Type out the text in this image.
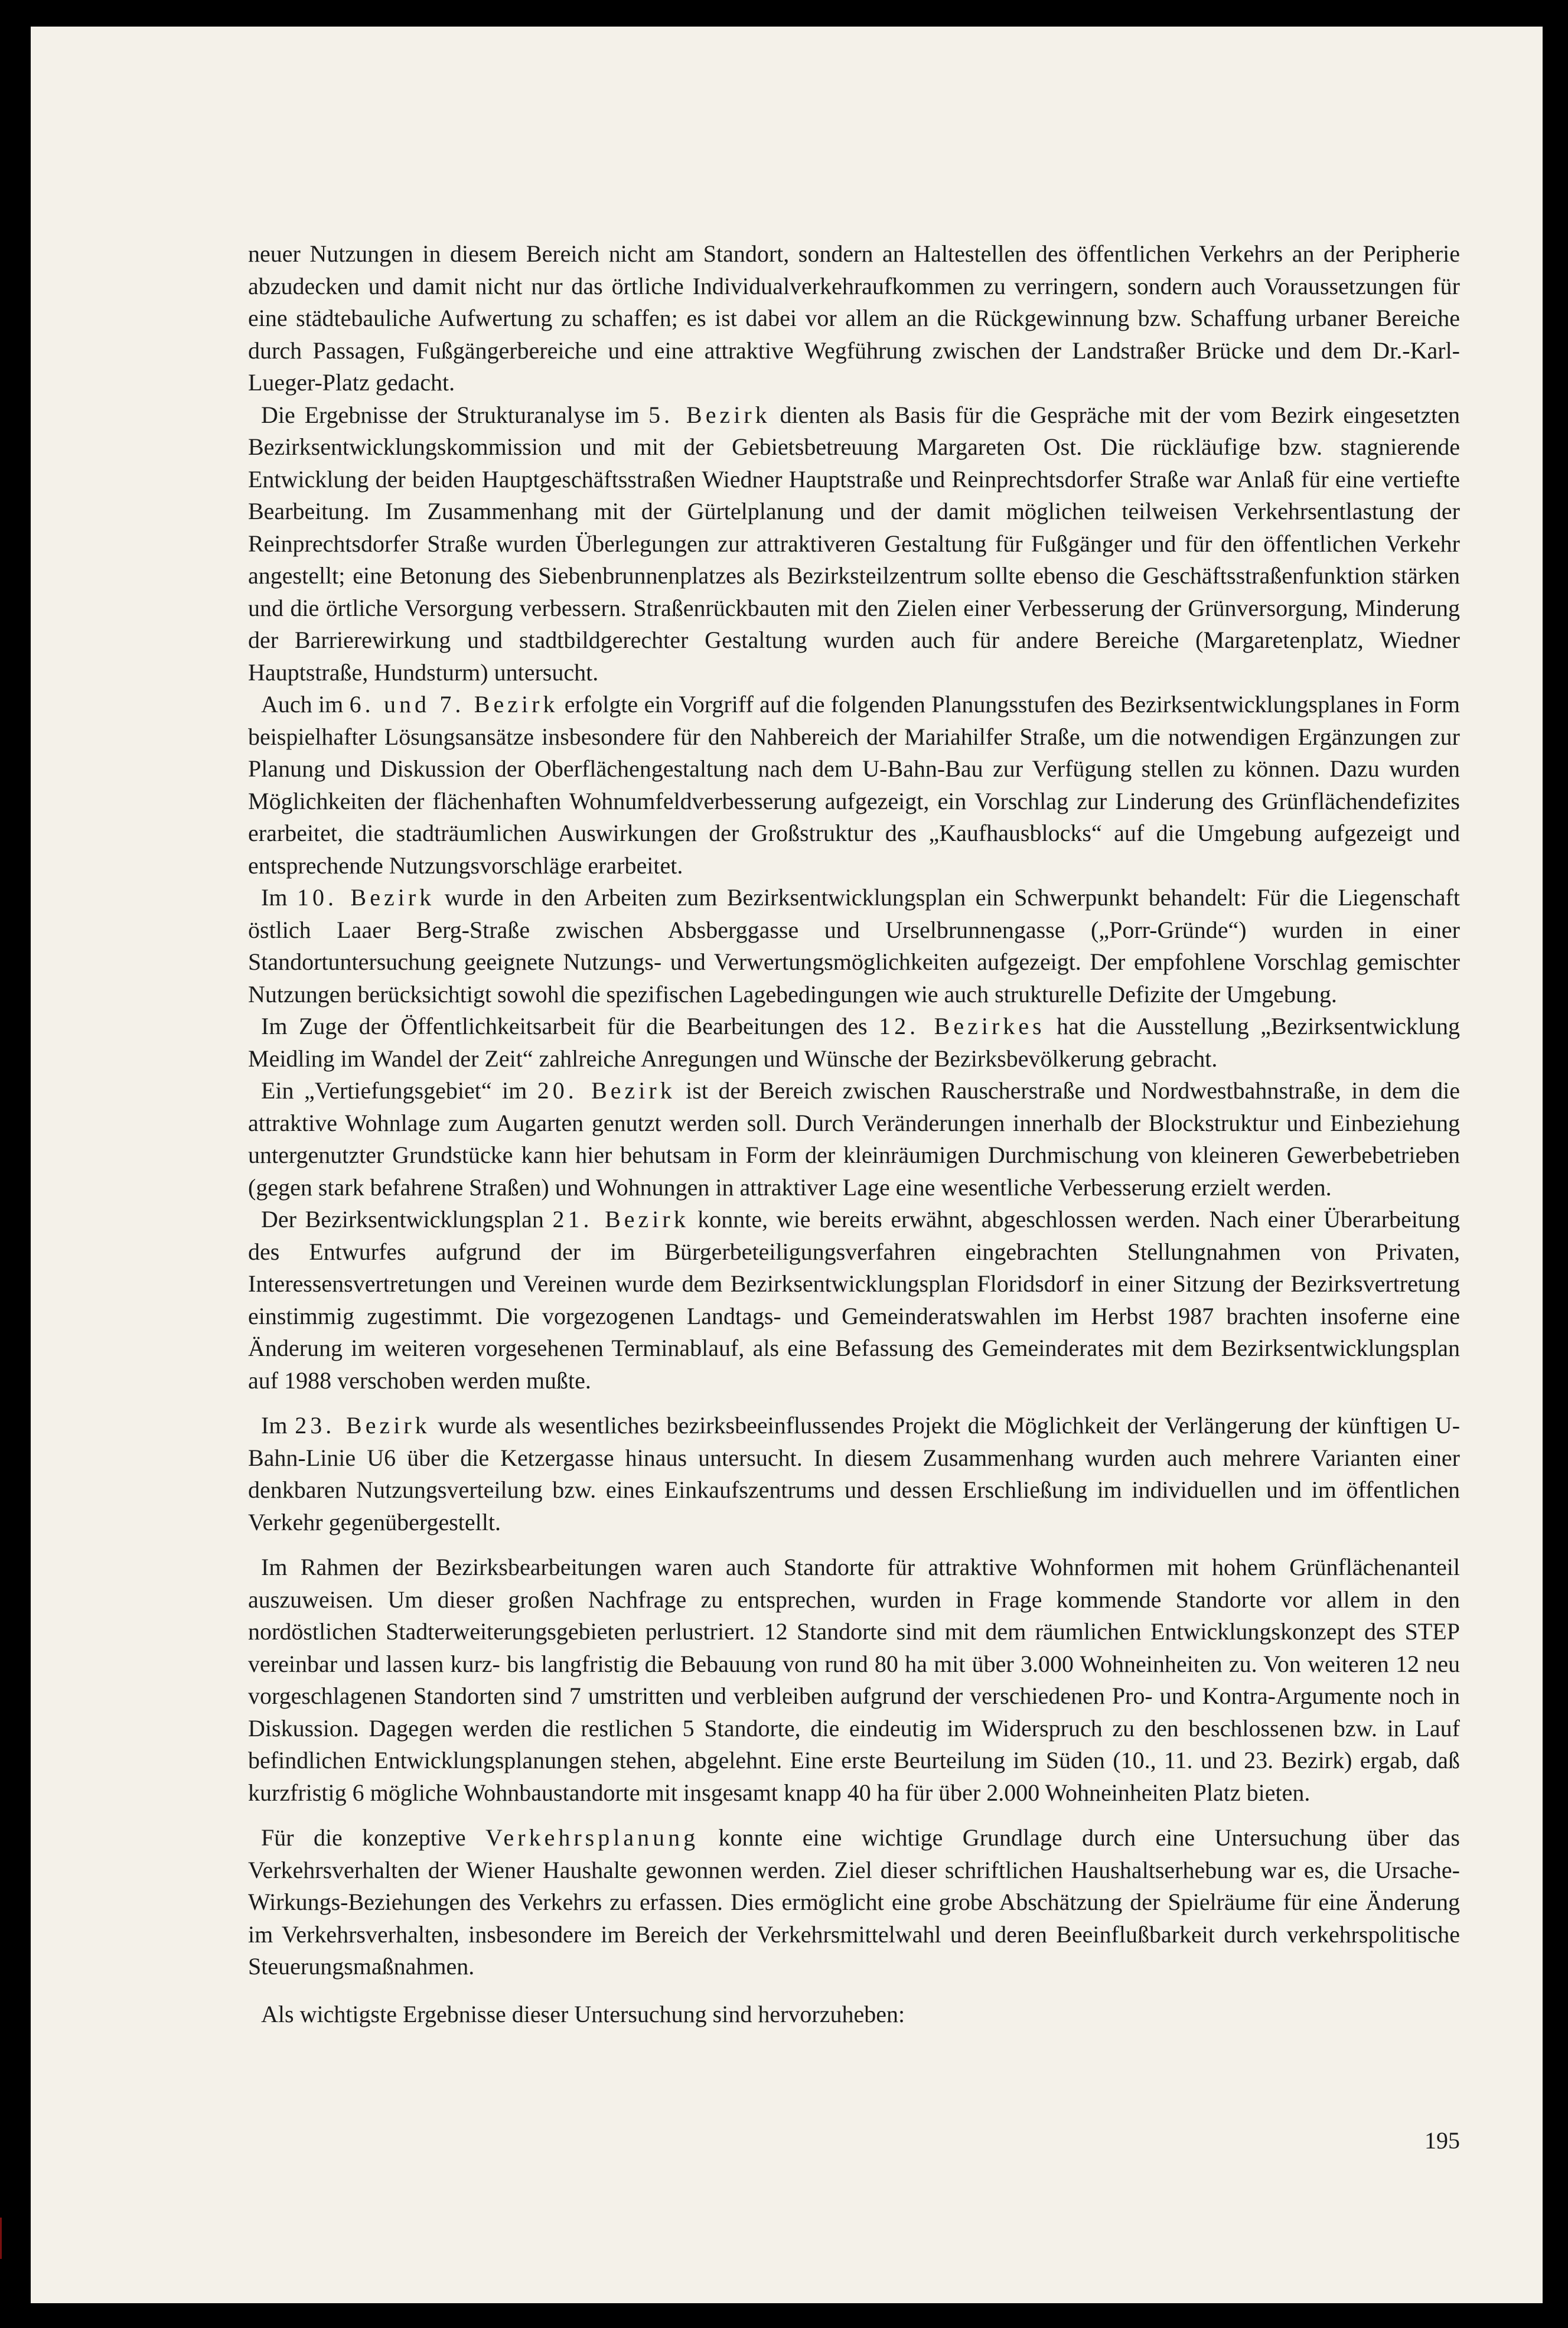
neuer Nutzungen in diesem Bereich nicht am Standort, sondern an Haltestellen des öffentlichen Verkehrs an der Peripherie abzudecken und damit nicht nur das örtliche Individualverkehraufkommen zu verringern, sondern auch Voraussetzungen für eine städtebauliche Aufwertung zu schaffen; es ist dabei vor allem an die Rückgewinnung bzw. Schaffung urbaner Bereiche durch Passagen, Fußgängerbereiche und eine attraktive Wegführung zwischen der Landstraßer Brücke und dem Dr.-Karl-Lueger-Platz gedacht.

Die Ergebnisse der Strukturanalyse im 5. Bezirk dienten als Basis für die Gespräche mit der vom Bezirk eingesetzten Bezirksentwicklungskommission und mit der Gebietsbetreuung Margareten Ost. Die rückläufige bzw. stagnierende Entwicklung der beiden Hauptgeschäftsstraßen Wiedner Hauptstraße und Reinprechtsdorfer Straße war Anlaß für eine vertiefte Bearbeitung. Im Zusammenhang mit der Gürtelplanung und der damit möglichen teilweisen Verkehrsentlastung der Reinprechtsdorfer Straße wurden Überlegungen zur attraktiveren Gestaltung für Fußgänger und für den öffentlichen Verkehr angestellt; eine Betonung des Siebenbrunnenplatzes als Bezirksteilzentrum sollte ebenso die Geschäftsstraßenfunktion stärken und die örtliche Versorgung verbessern. Straßenrückbauten mit den Zielen einer Verbesserung der Grünversorgung, Minderung der Barrierewirkung und stadtbildgerechter Gestaltung wurden auch für andere Bereiche (Margaretenplatz, Wiedner Hauptstraße, Hundsturm) untersucht.

Auch im 6. und 7. Bezirk erfolgte ein Vorgriff auf die folgenden Planungsstufen des Bezirksentwicklungsplanes in Form beispielhafter Lösungsansätze insbesondere für den Nahbereich der Mariahilfer Straße, um die notwendigen Ergänzungen zur Planung und Diskussion der Oberflächengestaltung nach dem U-Bahn-Bau zur Verfügung stellen zu können. Dazu wurden Möglichkeiten der flächenhaften Wohnumfeldverbesserung aufgezeigt, ein Vorschlag zur Linderung des Grünflächendefizites erarbeitet, die stadträumlichen Auswirkungen der Großstruktur des „Kaufhausblocks“ auf die Umgebung aufgezeigt und entsprechende Nutzungsvorschläge erarbeitet.

Im 10. Bezirk wurde in den Arbeiten zum Bezirksentwicklungsplan ein Schwerpunkt behandelt: Für die Liegenschaft östlich Laaer Berg-Straße zwischen Absberggasse und Urselbrunnengasse („Porr-Gründe“) wurden in einer Standortuntersuchung geeignete Nutzungs- und Verwertungsmöglichkeiten aufgezeigt. Der empfohlene Vorschlag gemischter Nutzungen berücksichtigt sowohl die spezifischen Lagebedingungen wie auch strukturelle Defizite der Umgebung.

Im Zuge der Öffentlichkeitsarbeit für die Bearbeitungen des 12. Bezirkes hat die Ausstellung „Bezirksentwicklung Meidling im Wandel der Zeit“ zahlreiche Anregungen und Wünsche der Bezirksbevölkerung gebracht.

Ein „Vertiefungsgebiet“ im 20. Bezirk ist der Bereich zwischen Rauscherstraße und Nordwestbahnstraße, in dem die attraktive Wohnlage zum Augarten genutzt werden soll. Durch Veränderungen innerhalb der Blockstruktur und Einbeziehung untergenutzter Grundstücke kann hier behutsam in Form der kleinräumigen Durchmischung von kleineren Gewerbebetrieben (gegen stark befahrene Straßen) und Wohnungen in attraktiver Lage eine wesentliche Verbesserung erzielt werden.

Der Bezirksentwicklungsplan 21. Bezirk konnte, wie bereits erwähnt, abgeschlossen werden. Nach einer Überarbeitung des Entwurfes aufgrund der im Bürgerbeteiligungsverfahren eingebrachten Stellungnahmen von Privaten, Interessensvertretungen und Vereinen wurde dem Bezirksentwicklungsplan Floridsdorf in einer Sitzung der Bezirksvertretung einstimmig zugestimmt. Die vorgezogenen Landtags- und Gemeinderatswahlen im Herbst 1987 brachten insoferne eine Änderung im weiteren vorgesehenen Terminablauf, als eine Befassung des Gemeinderates mit dem Bezirksentwicklungsplan auf 1988 verschoben werden mußte.

Im 23. Bezirk wurde als wesentliches bezirksbeeinflussendes Projekt die Möglichkeit der Verlängerung der künftigen U-Bahn-Linie U6 über die Ketzergasse hinaus untersucht. In diesem Zusammenhang wurden auch mehrere Varianten einer denkbaren Nutzungsverteilung bzw. eines Einkaufszentrums und dessen Erschließung im individuellen und im öffentlichen Verkehr gegenübergestellt.

Im Rahmen der Bezirksbearbeitungen waren auch Standorte für attraktive Wohnformen mit hohem Grünflächenanteil auszuweisen. Um dieser großen Nachfrage zu entsprechen, wurden in Frage kommende Standorte vor allem in den nordöstlichen Stadterweiterungsgebieten perlustriert. 12 Standorte sind mit dem räumlichen Entwicklungskonzept des STEP vereinbar und lassen kurz- bis langfristig die Bebauung von rund 80 ha mit über 3.000 Wohneinheiten zu. Von weiteren 12 neu vorgeschlagenen Standorten sind 7 umstritten und verbleiben aufgrund der verschiedenen Pro- und Kontra-Argumente noch in Diskussion. Dagegen werden die restlichen 5 Standorte, die eindeutig im Widerspruch zu den beschlossenen bzw. in Lauf befindlichen Entwicklungsplanungen stehen, abgelehnt. Eine erste Beurteilung im Süden (10., 11. und 23. Bezirk) ergab, daß kurzfristig 6 mögliche Wohnbaustandorte mit insgesamt knapp 40 ha für über 2.000 Wohneinheiten Platz bieten.

Für die konzeptive Verkehrsplanung konnte eine wichtige Grundlage durch eine Untersuchung über das Verkehrsverhalten der Wiener Haushalte gewonnen werden. Ziel dieser schriftlichen Haushaltserhebung war es, die Ursache-Wirkungs-Beziehungen des Verkehrs zu erfassen. Dies ermöglicht eine grobe Abschätzung der Spielräume für eine Änderung im Verkehrsverhalten, insbesondere im Bereich der Verkehrsmittelwahl und deren Beeinflußbarkeit durch verkehrspolitische Steuerungsmaßnahmen.

Als wichtigste Ergebnisse dieser Untersuchung sind hervorzuheben:

195
